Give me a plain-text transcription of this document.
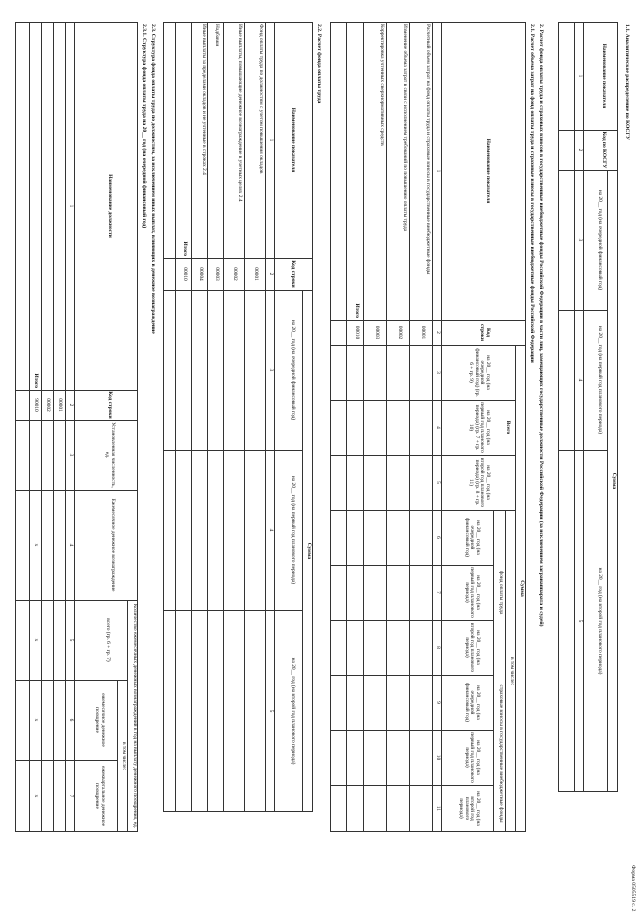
Форма 0505519 с. 2
1.1. Аналитическое распределение по КОСГУ
Наименование показателя
Код по КОСГУ
Сумма
на 20__ год (на очередной финансовый год)
на 20__ год (на первый год планового периода)
на 20__ год (на второй год планового периода)
1
2
3
4
5
2. Расчет фонда оплаты труда и страховых взносов в государственные внебюджетные фонды Российской Федерации в части лиц, замещающих государственные должности Российской Федерации (за исключением загранаппарата и судей)
2.1. Расчет объема затрат на фонд оплаты труда и страховые взносы в государственные внебюджетные фонды Российской Федерации
Наименование показателя
Код строки
Сумма
Всего
в том числе:
фонд оплаты труда
страховые взносы в государственные внебюджетные фонды
на 20__ год (на очередной финансовый год) (гр. 6 + гр. 9)
на 20__ год (на первый год планового периода) (гр. 7 + гр. 10)
на 20__ год (на второй год планового периода) (гр. 8 + гр. 11)
на 20__ год (на очередной финансовый год)
на 20__ год (на первый год планового периода)
на 20__ год (на второй год планового периода)
на 20__ год (на очередной финансовый год)
на 20__ год (на первый год планового периода)
на 20__ год (на второй год планового периода)
1
2
3
4
5
6
7
8
9
10
11
Расчетный объем затрат на фонд оплаты труда и страховые взносы в государственные внебюджетные фонды
00001
Изменение объема затрат в связи с исполнением требований по повышению оплаты труда
00002
Корректировка учтенных сверхнормативных средств
00003
Итого
00010
2.2. Расчет фонда оплаты труда
Наименование показателя
Код строки
Сумма
на 20__ год (на очередной финансовый год)
на 20__ год (на первый год планового периода)
на 20__ год (на второй год планового периода)
1
2
3
4
5
Фонд оплаты труда по должностям с учетом повышения окладов
00001
Иные выплаты, повышающие денежное вознаграждение в учетных целях 2.4
00002
Надбавки
00003
Иные выплаты за пределами окладов и не учтенные в строках 2.4
00004
Итого
00010
2.3. Структура фонда оплаты труда по должностям, за исключением иных выплат, влияющих в денежное вознаграждение
2.3.1. Структура фонда оплаты труда на 20__ год (на очередной финансовый год)
Наименование должности
Код строки
Установленная численность, ед.
Ежемесячное денежное вознаграждение
Количество ежемесячных денежных вознаграждений в год на выплату денежного поощрения, ед.
всего (гр. 6 + гр. 7)
в том числе:
ежемесячное денежное поощрение
ежеквартальное денежное поощрение
1
2
3
4
5
6
7
00001
00002
Итого
90010
x
x
x
x
